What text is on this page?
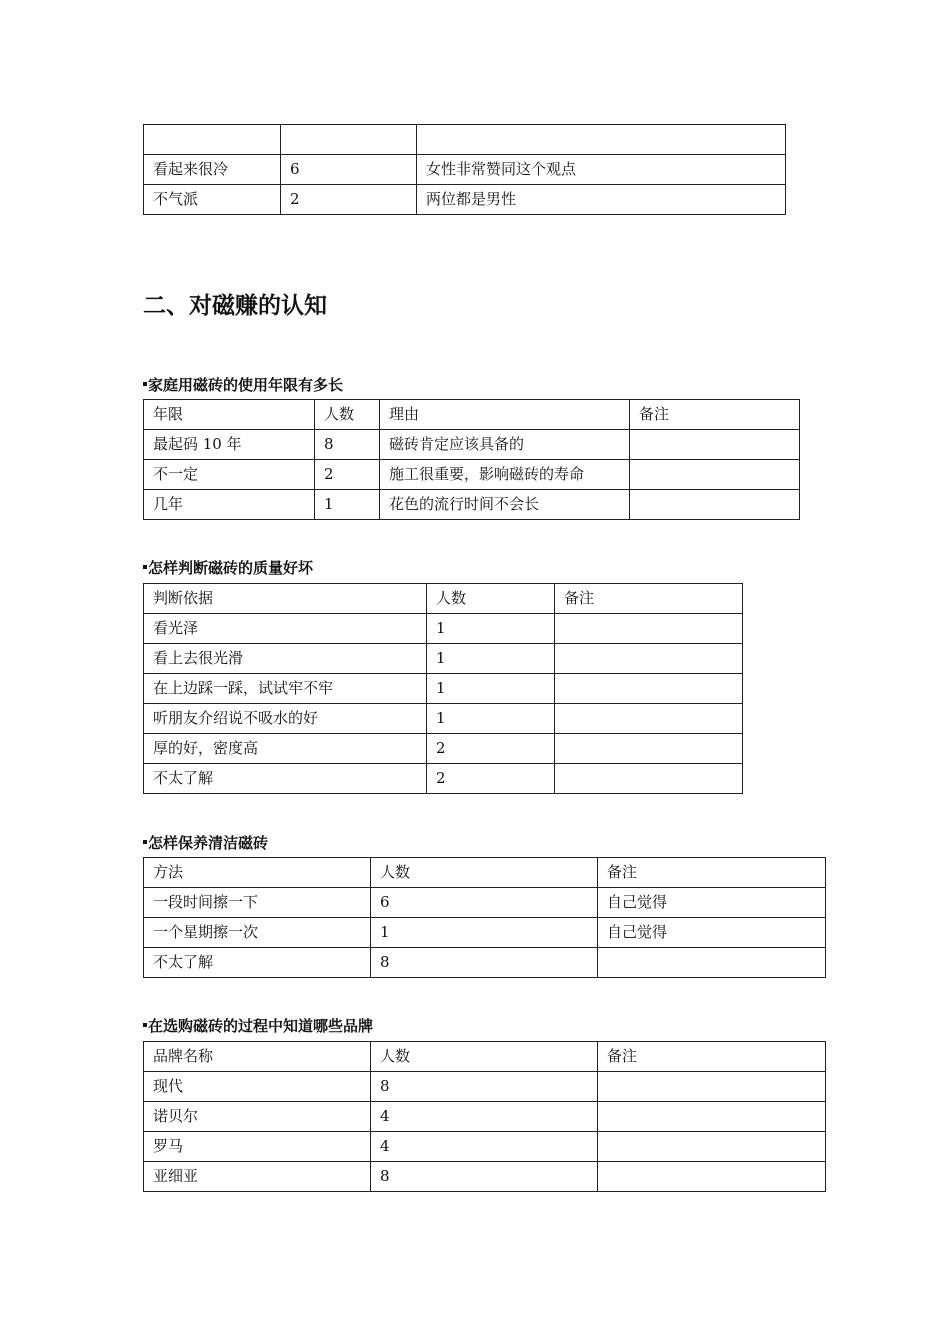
看起来很冷	6	女性非常赞同这个观点
不气派	2	两位都是男性
二、对磁赚的认知

家庭用磁砖的使用年限有多长

年限	人数	理由	备注
最起码 10 年	8	磁砖肯定应该具备的	
不一定	2	施工很重要，影响磁砖的寿命	
几年	1	花色的流行时间不会长	

怎样判断磁砖的质量好坏

判断依据	人数	备注
看光泽	1	
看上去很光滑	1	
在上边踩一踩，试试牢不牢	1	
听朋友介绍说不吸水的好	1	
厚的好，密度高	2	
不太了解	2	

怎样保养清洁磁砖

方法	人数	备注
一段时间擦一下	6	自己觉得
一个星期擦一次	1	自己觉得
不太了解	8	

在选购磁砖的过程中知道哪些品牌

品牌名称	人数	备注
现代	8	
诺贝尔	4	
罗马	4	
亚细亚	8	
